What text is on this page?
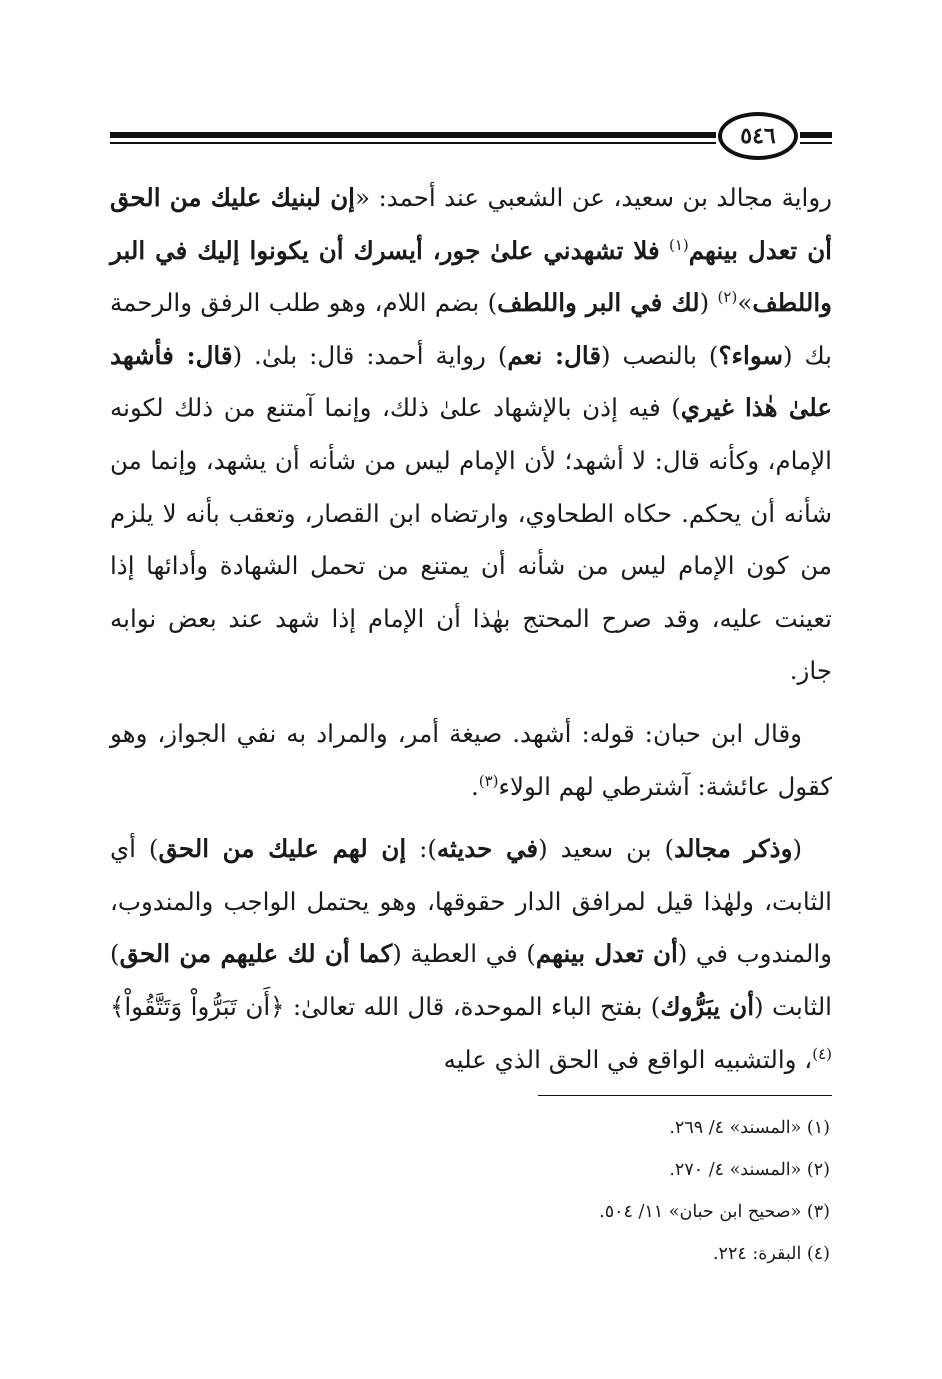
٥٤٦

رواية مجالد بن سعيد، عن الشعبي عند أحمد: «إن لبنيك عليك من الحق أن تعدل بينهم$^{(١)}$ فلا تشهدني علىٰ جور، أيسرك أن يكونوا إليك في البر واللطف»$^{(٢)}$ (لك في البر واللطف) بضم اللام، وهو طلب الرفق والرحمة بك (سواء؟) بالنصب (قال: نعم) رواية أحمد: قال: بلىٰ. (قال: فأشهد علىٰ هٰذا غيري) فيه إذن بالإشهاد علىٰ ذلك، وإنما آمتنع من ذلك لكونه الإمام، وكأنه قال: لا أشهد؛ لأن الإمام ليس من شأنه أن يشهد، وإنما من شأنه أن يحكم. حكاه الطحاوي، وارتضاه ابن القصار، وتعقب بأنه لا يلزم من كون الإمام ليس من شأنه أن يمتنع من تحمل الشهادة وأدائها إذا تعينت عليه، وقد صرح المحتج بهٰذا أن الإمام إذا شهد عند بعض نوابه جاز.

وقال ابن حبان: قوله: أشهد. صيغة أمر، والمراد به نفي الجواز، وهو كقول عائشة: آشترطي لهم الولاء$^{(٣)}$.

(وذكر مجالد) بن سعيد (في حديثه): إن لهم عليك من الحق) أي الثابت، ولهٰذا قيل لمرافق الدار حقوقها، وهو يحتمل الواجب والمندوب، والمندوب في (أن تعدل بينهم) في العطية (كما أن لك عليهم من الحق) الثابت (أن يبَرُّوك) بفتح الباء الموحدة، قال الله تعالىٰ: ﴿أَن تَبَرُّواْ وَتَتَّقُواْ﴾$^{(٤)}$، والتشبيه الواقع في الحق الذي عليه

(١) «المسند» ٤/ ٢٦٩.
(٢) «المسند» ٤/ ٢٧٠.
(٣) «صحيح ابن حبان» ١١/ ٥٠٤.
(٤) البقرة: ٢٢٤.
